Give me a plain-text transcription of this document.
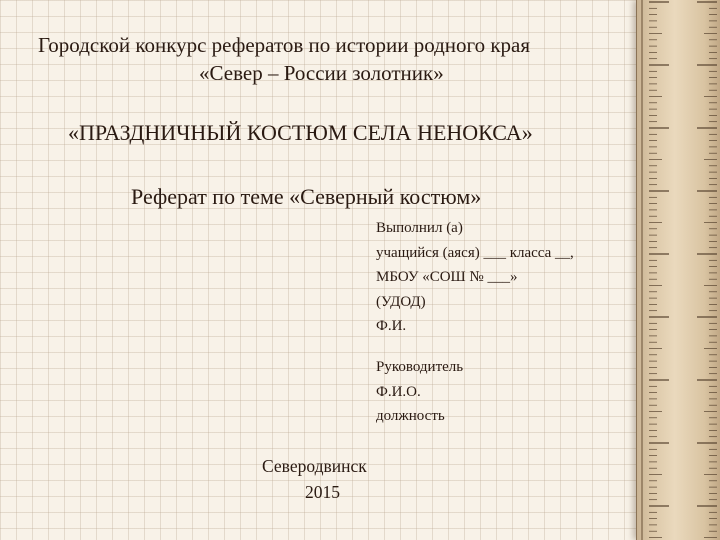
Городской конкурс рефератов по истории родного края
«Север – России золотник»
«ПРАЗДНИЧНЫЙ КОСТЮМ СЕЛА НЕНОКСА»
Реферат по теме «Северный костюм»
Выполнил (а)
учащийся (аяся) ___ класса __,
МБОУ «СОШ № ___»
(УДОД)
Ф.И.
Руководитель
Ф.И.О.
должность
Северодвинск
2015
